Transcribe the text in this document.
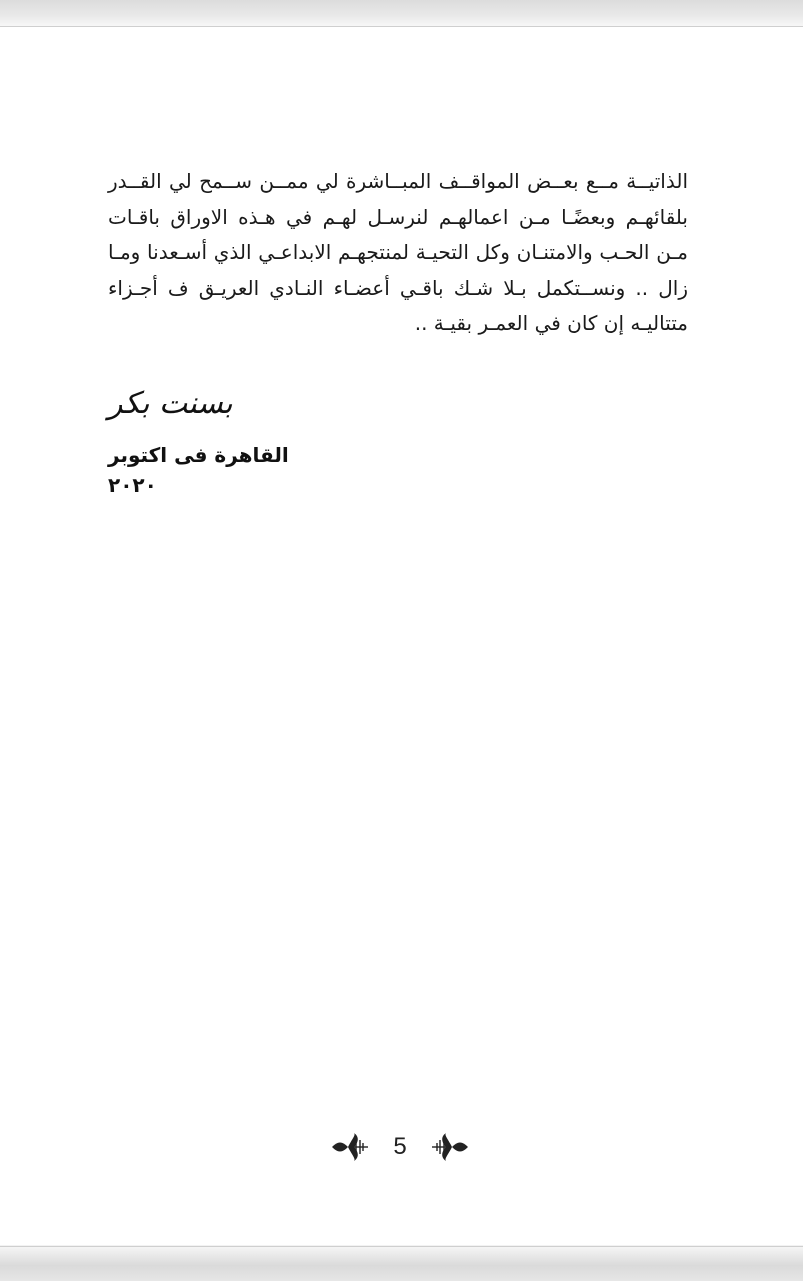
الذاتيــة مــع بعــض المواقــف المبــاشرة لي ممــن ســمح لي القــدر بلقائهـم وبعضًـا مـن اعمالهـم لنرسـل لهـم في هـذه الاوراق باقـات مـن الحـب والامتنـان وكل التحيـة لمنتجهـم الابداعـي الذي أسـعدنا ومـا زال .. ونســتكمل بـلا شـك باقـي أعضـاء النـادي العريـق ف أجـزاء متتاليـه إن كان في العمـر بقيـة ..

بسنت بكر
القاهرة فى اكتوبر ٢٠٢٠
5
